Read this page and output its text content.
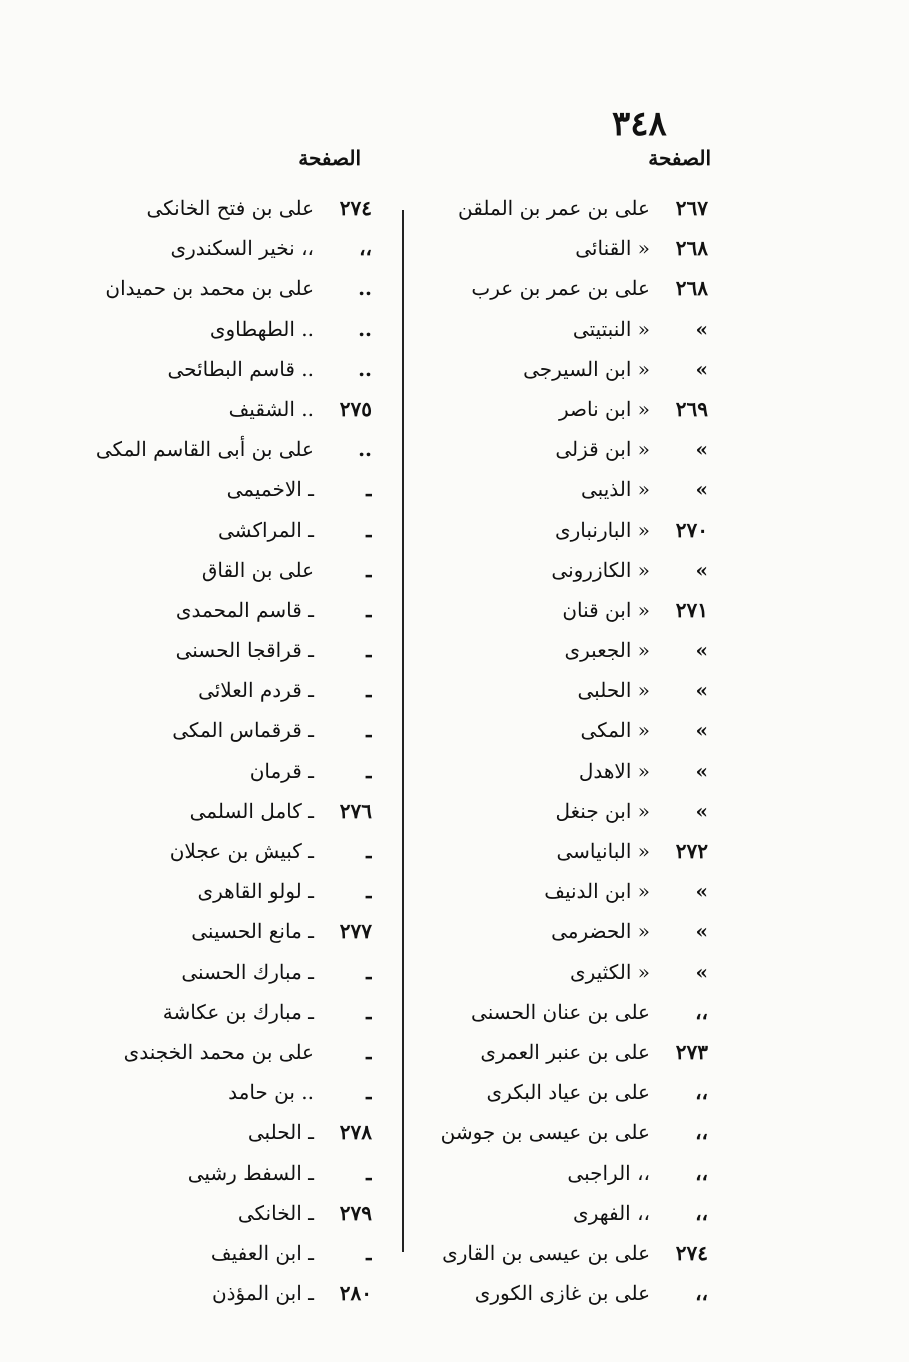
٣٤٨
الصفحة
الصفحة
٢٦٧
على بن عمر بن الملقن
٢٦٨
« القنائى
٢٦٨
على بن عمر بن عرب
»
« النبتيتى
»
« ابن السيرجى
٢٦٩
« ابن ناصر
»
« ابن قزلى
»
« الذيبى
٢٧٠
« البارنبارى
»
« الكازرونى
٢٧١
« ابن قنان
»
« الجعبرى
»
« الحلبى
»
« المكى
»
« الاهدل
»
« ابن جنغل
٢٧٢
« البانياسى
»
« ابن الدنيف
»
« الحضرمى
»
« الكثيرى
،،
على بن عنان الحسنى
٢٧٣
على بن عنبر العمرى
،،
على بن عياد البكرى
،،
على بن عيسى بن جوشن
،،
،، الراجبى
،،
،، الفهرى
٢٧٤
على بن عيسى بن القارى
،،
على بن غازى الكورى
٢٧٤
على بن فتح الخانكى
،،
،، نخير السكندرى
..
على بن محمد بن حميدان
..
.. الطهطاوى
..
.. قاسم البطائحى
٢٧٥
.. الشقيف
..
على بن أبى القاسم المكى
ـ
ـ الاخميمى
ـ
ـ المراكشى
ـ
على بن القاق
ـ
ـ قاسم المحمدى
ـ
ـ قراقجا الحسنى
ـ
ـ قردم العلائى
ـ
ـ قرقماس المكى
ـ
ـ قرمان
٢٧٦
ـ كامل السلمى
ـ
ـ كبيش بن عجلان
ـ
ـ لولو القاهرى
٢٧٧
ـ مانع الحسينى
ـ
ـ مبارك الحسنى
ـ
ـ مبارك بن عكاشة
ـ
على بن محمد الخجندى
ـ
.. بن حامد
٢٧٨
ـ الحلبى
ـ
ـ السفط رشيى
٢٧٩
ـ الخانكى
ـ
ـ ابن العفيف
٢٨٠
ـ ابن المؤذن
